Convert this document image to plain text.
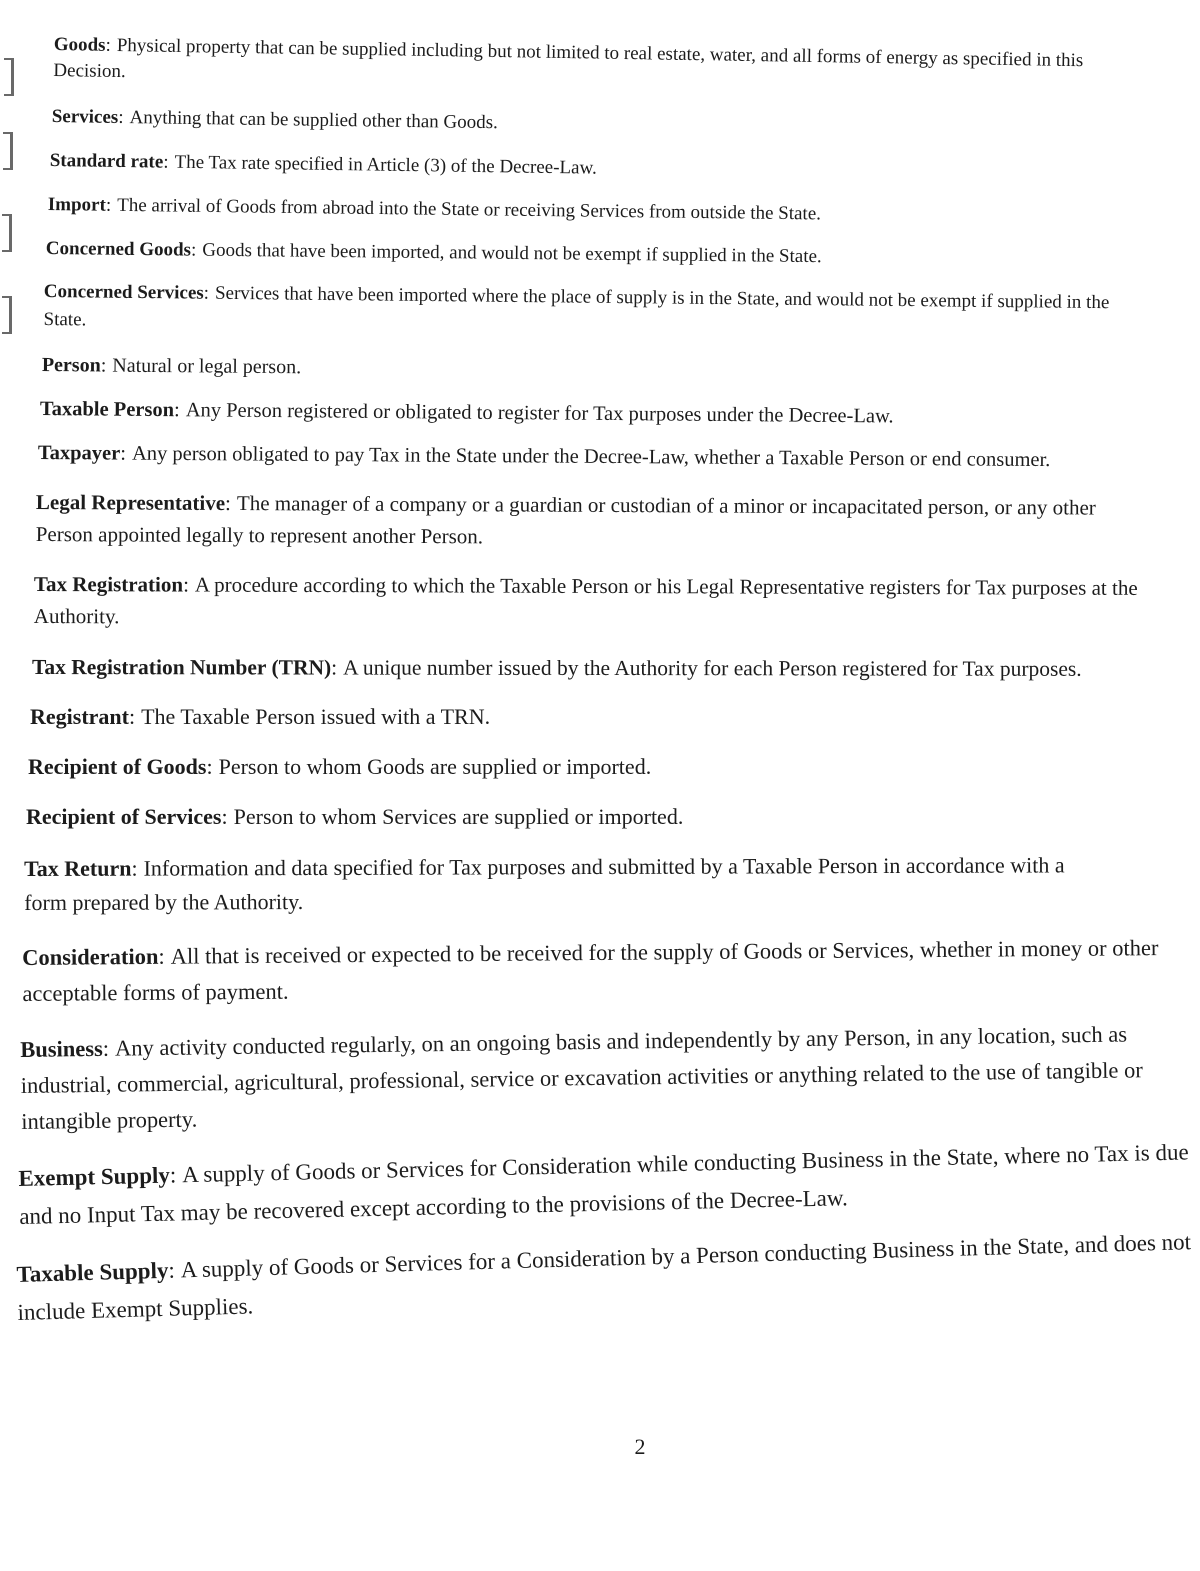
Goods: Physical property that can be supplied including but not limited to real estate, water, and all forms of energy as specified in this Decision.
Services: Anything that can be supplied other than Goods.
Standard rate: The Tax rate specified in Article (3) of the Decree-Law.
Import: The arrival of Goods from abroad into the State or receiving Services from outside the State.
Concerned Goods: Goods that have been imported, and would not be exempt if supplied in the State.
Concerned Services: Services that have been imported where the place of supply is in the State, and would not be exempt if supplied in the State.
Person: Natural or legal person.
Taxable Person: Any Person registered or obligated to register for Tax purposes under the Decree-Law.
Taxpayer: Any person obligated to pay Tax in the State under the Decree-Law, whether a Taxable Person or end consumer.
Legal Representative: The manager of a company or a guardian or custodian of a minor or incapacitated person, or any other Person appointed legally to represent another Person.
Tax Registration: A procedure according to which the Taxable Person or his Legal Representative registers for Tax purposes at the Authority.
Tax Registration Number (TRN): A unique number issued by the Authority for each Person registered for Tax purposes.
Registrant: The Taxable Person issued with a TRN.
Recipient of Goods: Person to whom Goods are supplied or imported.
Recipient of Services: Person to whom Services are supplied or imported.
Tax Return: Information and data specified for Tax purposes and submitted by a Taxable Person in accordance with a form prepared by the Authority.
Consideration: All that is received or expected to be received for the supply of Goods or Services, whether in money or other acceptable forms of payment.
Business: Any activity conducted regularly, on an ongoing basis and independently by any Person, in any location, such as industrial, commercial, agricultural, professional, service or excavation activities or anything related to the use of tangible or intangible property.
Exempt Supply: A supply of Goods or Services for Consideration while conducting Business in the State, where no Tax is due and no Input Tax may be recovered except according to the provisions of the Decree-Law.
Taxable Supply: A supply of Goods or Services for a Consideration by a Person conducting Business in the State, and does not include Exempt Supplies.
2
